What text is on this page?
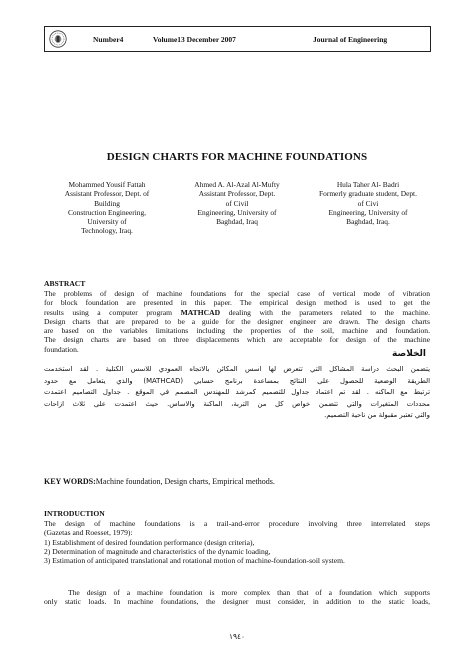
Number4	Volume13 December 2007	Journal of Engineering
DESIGN CHARTS FOR MACHINE FOUNDATIONS
Mohammed Yousif Fattah
Assistant Professor, Dept. of
Building
Construction Engineering,
University of
Technology, Iraq.
Ahmed A. Al-Azal Al-Mufty
Assistant Professor, Dept.
of Civil
Engineering, University of
Baghdad, Iraq
Hula Taher Al- Badri
Formerly graduate student, Dept.
of Civi
Engineering, University of
Baghdad, Iraq.
ABSTRACT
The problems of design of machine foundations for the special case of vertical mode of vibration
for block foundation are presented in this paper. The empirical design method is used to get the
results using a computer program MATHCAD dealing with the parameters related to the machine.
Design charts that are prepared to be a guide for the designer engineer are drawn. The design charts
are based on the variables limitations including the properties of the soil, machine and foundation.
The design charts are based on three displacements which are acceptable for design of the machine
foundation.	الخلاصة
يتضمن البحث دراسة المشاكل التي تتعرض لها اسس المكائن بالاتجاه العمودي للاسس الكتلية . لقد استخدمت
الطريقة الوضعية للحصول على النتائج بمساعدة برنامج حسابي (MATHCAD) والذي يتعامل مع حدود
ترتبط مع الماكنه . لقد تم اعتماد جداول للتصميم كمرشد للمهندس المصمم في الموقع . جداول التصاميم اعتمدت
محددات المتغيرات والتي تتضمن خواص كل من التربة، الماكنة والاساس. حيث اعتمدت على ثلاث ازاحات
والتي تعتبر مقبولة من ناحية التصميم.
KEY WORDS:Machine foundation, Design charts, Empirical methods.
INTRODUCTION
The design of machine foundations is a trail-and-error procedure involving three interrelated steps
(Gazetas and Roesset, 1979):
1) Establishment of desired foundation performance (design criteria),
2) Determination of magnitude and characteristics of the dynamic loading,
3) Estimation of anticipated translational and rotational motion of machine-foundation-soil system.
The design of a machine foundation is more complex than that of a foundation which supports
only static loads. In machine foundations, the designer must consider, in addition to the static loads,
١٩٤٠
